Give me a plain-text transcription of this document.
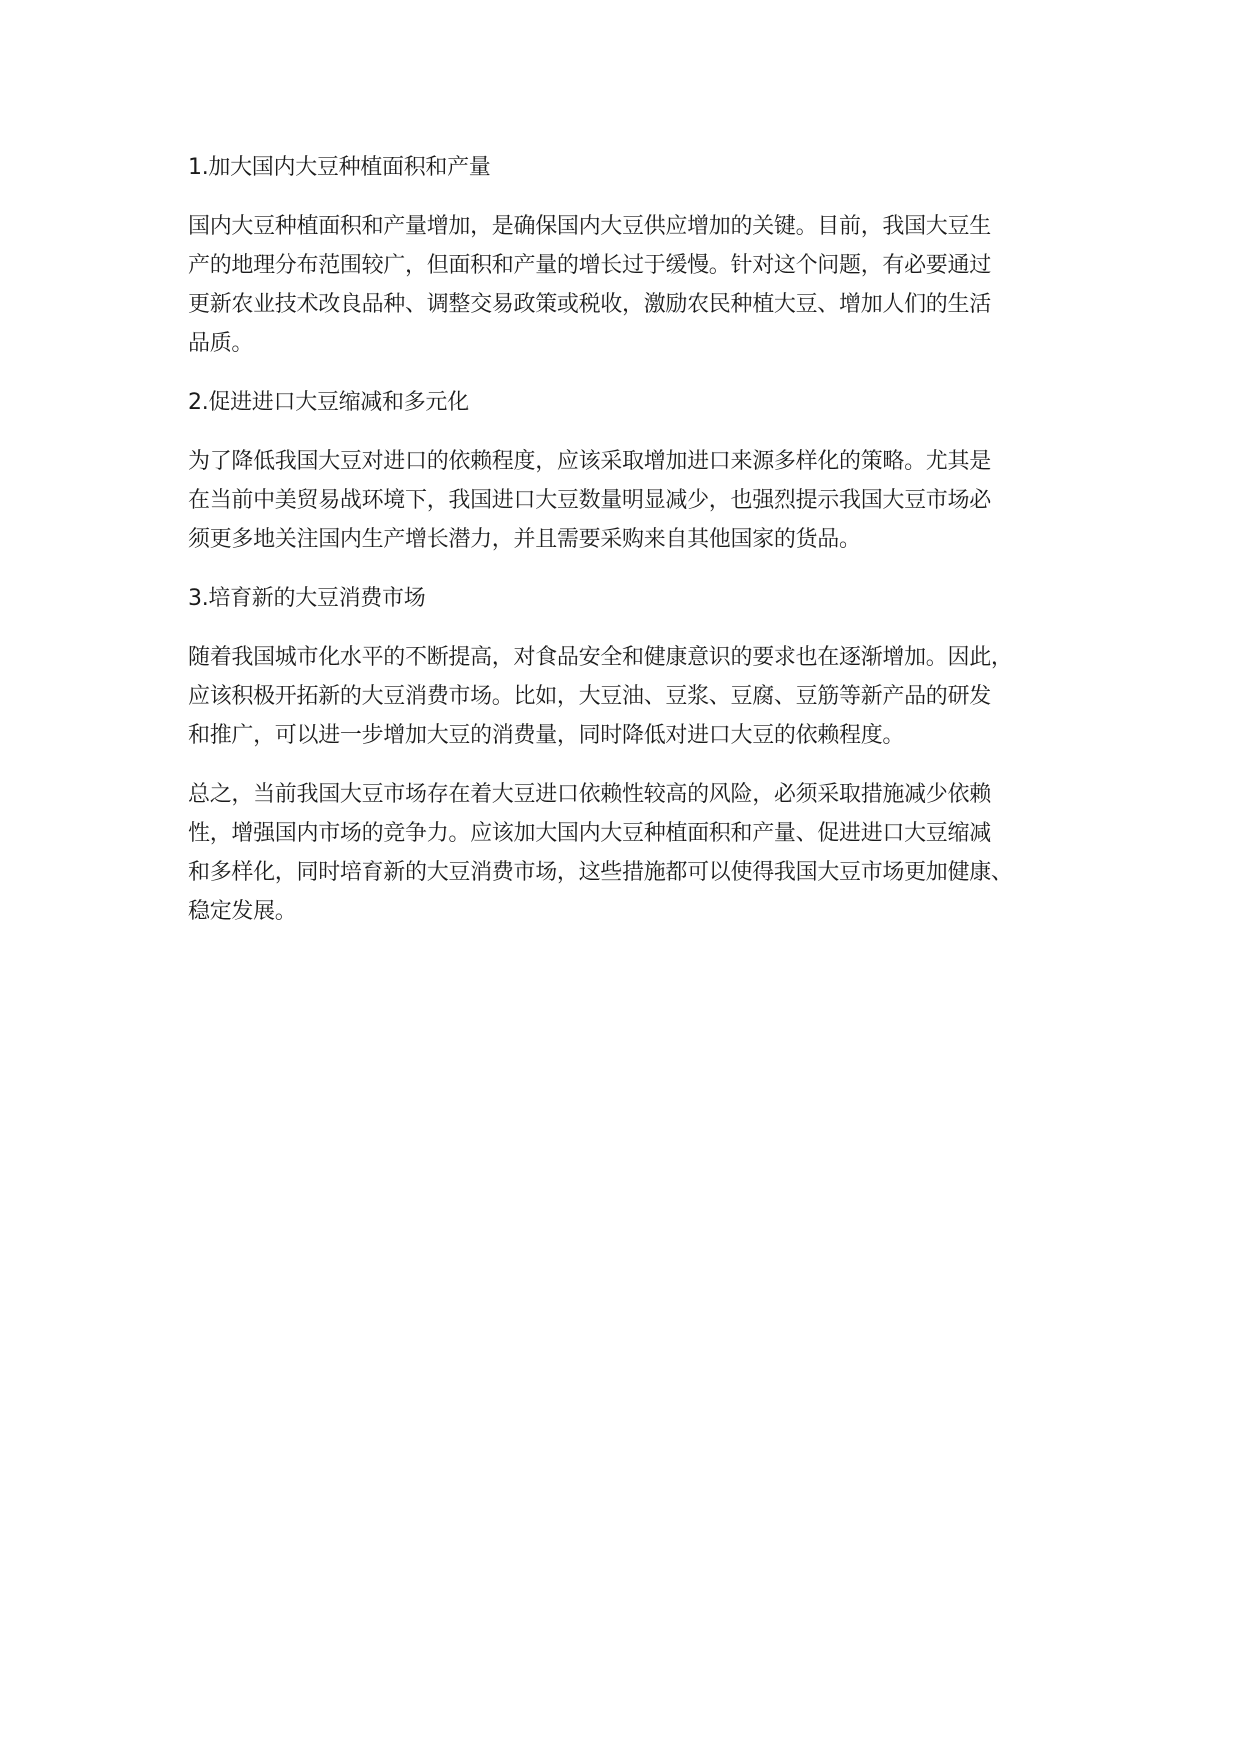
1.加大国内大豆种植面积和产量
国内大豆种植面积和产量增加，是确保国内大豆供应增加的关键。目前，我国大豆生
产的地理分布范围较广，但面积和产量的增长过于缓慢。针对这个问题，有必要通过
更新农业技术改良品种、调整交易政策或税收，激励农民种植大豆、增加人们的生活
品质。
2.促进进口大豆缩减和多元化
为了降低我国大豆对进口的依赖程度，应该采取增加进口来源多样化的策略。尤其是
在当前中美贸易战环境下，我国进口大豆数量明显减少，也强烈提示我国大豆市场必
须更多地关注国内生产增长潜力，并且需要采购来自其他国家的货品。
3.培育新的大豆消费市场
随着我国城市化水平的不断提高，对食品安全和健康意识的要求也在逐渐增加。因此，
应该积极开拓新的大豆消费市场。比如，大豆油、豆浆、豆腐、豆筋等新产品的研发
和推广，可以进一步增加大豆的消费量，同时降低对进口大豆的依赖程度。
总之，当前我国大豆市场存在着大豆进口依赖性较高的风险，必须采取措施减少依赖
性，增强国内市场的竞争力。应该加大国内大豆种植面积和产量、促进进口大豆缩减
和多样化，同时培育新的大豆消费市场，这些措施都可以使得我国大豆市场更加健康、
稳定发展。
